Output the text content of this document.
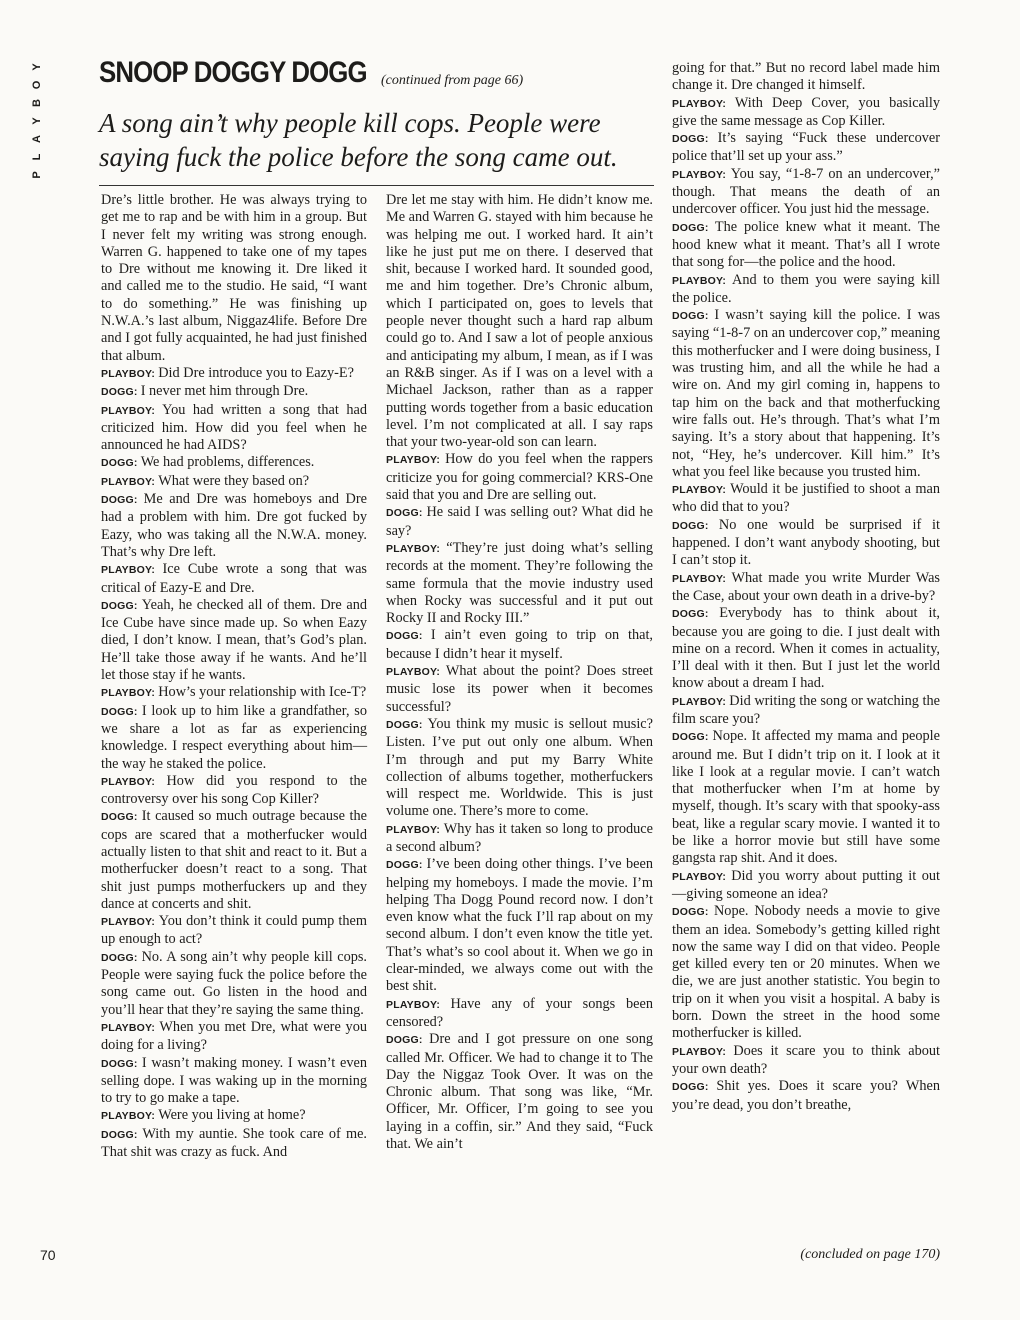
Y
O
B
Y
A
L
P
70
SNOOP DOGGY DOGG (continued from page 66)
A song ain’t why people kill cops. People were saying fuck the police before the song came out.

Dre’s little brother. He was always trying to get me to rap and be with him in a group. But I never felt my writing was strong enough. Warren G. happened to take one of my tapes to Dre without me knowing it. Dre liked it and called me to the studio. He said, “I want to do something.” He was finishing up N.W.A.’s last album, Niggaz4life. Before Dre and I got fully acquainted, he had just finished that album.

PLAYBOY: Did Dre introduce you to Eazy-E?

DOGG: I never met him through Dre.

PLAYBOY: You had written a song that had criticized him. How did you feel when he announced he had AIDS?

DOGG: We had problems, differences.

PLAYBOY: What were they based on?

DOGG: Me and Dre was homeboys and Dre had a problem with him. Dre got fucked by Eazy, who was taking all the N.W.A. money. That’s why Dre left.

PLAYBOY: Ice Cube wrote a song that was critical of Eazy-E and Dre.

DOGG: Yeah, he checked all of them. Dre and Ice Cube have since made up. So when Eazy died, I don’t know. I mean, that’s God’s plan. He’ll take those away if he wants. And he’ll let those stay if he wants.

PLAYBOY: How’s your relationship with Ice-T?

DOGG: I look up to him like a grandfather, so we share a lot as far as experiencing knowledge. I respect everything about him—the way he staked the police.

PLAYBOY: How did you respond to the controversy over his song Cop Killer?

DOGG: It caused so much outrage because the cops are scared that a motherfucker would actually listen to that shit and react to it. But a motherfucker doesn’t react to a song. That shit just pumps motherfuckers up and they dance at concerts and shit.

PLAYBOY: You don’t think it could pump them up enough to act?

DOGG: No. A song ain’t why people kill cops. People were saying fuck the police before the song came out. Go listen in the hood and you’ll hear that they’re saying the same thing.

PLAYBOY: When you met Dre, what were you doing for a living?

DOGG: I wasn’t making money. I wasn’t even selling dope. I was waking up in the morning to try to go make a tape.

PLAYBOY: Were you living at home?

DOGG: With my auntie. She took care of me. That shit was crazy as fuck. And

Dre let me stay with him. He didn’t know me. Me and Warren G. stayed with him because he was helping me out. I worked hard. It ain’t like he just put me on there. I deserved that shit, because I worked hard. It sounded good, me and him together. Dre’s Chronic album, which I participated on, goes to levels that people never thought such a hard rap album could go to. And I saw a lot of people anxious and anticipating my album, I mean, as if I was an R&B singer. As if I was on a level with a Michael Jackson, rather than as a rapper putting words together from a basic education level. I’m not complicated at all. I say raps that your two-year-old son can learn.

PLAYBOY: How do you feel when the rappers criticize you for going commercial? KRS-One said that you and Dre are selling out.

DOGG: He said I was selling out? What did he say?

PLAYBOY: “They’re just doing what’s selling records at the moment. They’re following the same formula that the movie industry used when Rocky was successful and it put out Rocky II and Rocky III.”

DOGG: I ain’t even going to trip on that, because I didn’t hear it myself.

PLAYBOY: What about the point? Does street music lose its power when it becomes successful?

DOGG: You think my music is sellout music? Listen. I’ve put out only one album. When I’m through and put my Barry White collection of albums together, motherfuckers will respect me. Worldwide. This is just volume one. There’s more to come.

PLAYBOY: Why has it taken so long to produce a second album?

DOGG: I’ve been doing other things. I’ve been helping my homeboys. I made the movie. I’m helping Tha Dogg Pound record now. I don’t even know what the fuck I’ll rap about on my second album. I don’t even know the title yet. That’s what’s so cool about it. When we go in clear-minded, we always come out with the best shit.

PLAYBOY: Have any of your songs been censored?

DOGG: Dre and I got pressure on one song called Mr. Officer. We had to change it to The Day the Niggaz Took Over. It was on the Chronic album. That song was like, “Mr. Officer, Mr. Officer, I’m going to see you laying in a coffin, sir.” And they said, “Fuck that. We ain’t

going for that.” But no record label made him change it. Dre changed it himself.

PLAYBOY: With Deep Cover, you basically give the same message as Cop Killer.

DOGG: It’s saying “Fuck these undercover police that’ll set up your ass.”

PLAYBOY: You say, “1-8-7 on an undercover,” though. That means the death of an undercover officer. You just hid the message.

DOGG: The police knew what it meant. The hood knew what it meant. That’s all I wrote that song for—the police and the hood.

PLAYBOY: And to them you were saying kill the police.

DOGG: I wasn’t saying kill the police. I was saying “1-8-7 on an undercover cop,” meaning this motherfucker and I were doing business, I was trusting him, and all the while he had a wire on. And my girl coming in, happens to tap him on the back and that motherfucking wire falls out. He’s through. That’s what I’m saying. It’s a story about that happening. It’s not, “Hey, he’s undercover. Kill him.” It’s what you feel like because you trusted him.

PLAYBOY: Would it be justified to shoot a man who did that to you?

DOGG: No one would be surprised if it happened. I don’t want anybody shooting, but I can’t stop it.

PLAYBOY: What made you write Murder Was the Case, about your own death in a drive-by?

DOGG: Everybody has to think about it, because you are going to die. I just dealt with mine on a record. When it comes in actuality, I’ll deal with it then. But I just let the world know about a dream I had.

PLAYBOY: Did writing the song or watching the film scare you?

DOGG: Nope. It affected my mama and people around me. But I didn’t trip on it. I look at it like I look at a regular movie. I can’t watch that motherfucker when I’m at home by myself, though. It’s scary with that spooky-ass beat, like a regular scary movie. I wanted it to be like a horror movie but still have some gangsta rap shit. And it does.

PLAYBOY: Did you worry about putting it out—giving someone an idea?

DOGG: Nope. Nobody needs a movie to give them an idea. Somebody’s getting killed right now the same way I did on that video. People get killed every ten or 20 minutes. When we die, we are just another statistic. You begin to trip on it when you visit a hospital. A baby is born. Down the street in the hood some motherfucker is killed.

PLAYBOY: Does it scare you to think about your own death?

DOGG: Shit yes. Does it scare you? When you’re dead, you don’t breathe,

(concluded on page 170)
